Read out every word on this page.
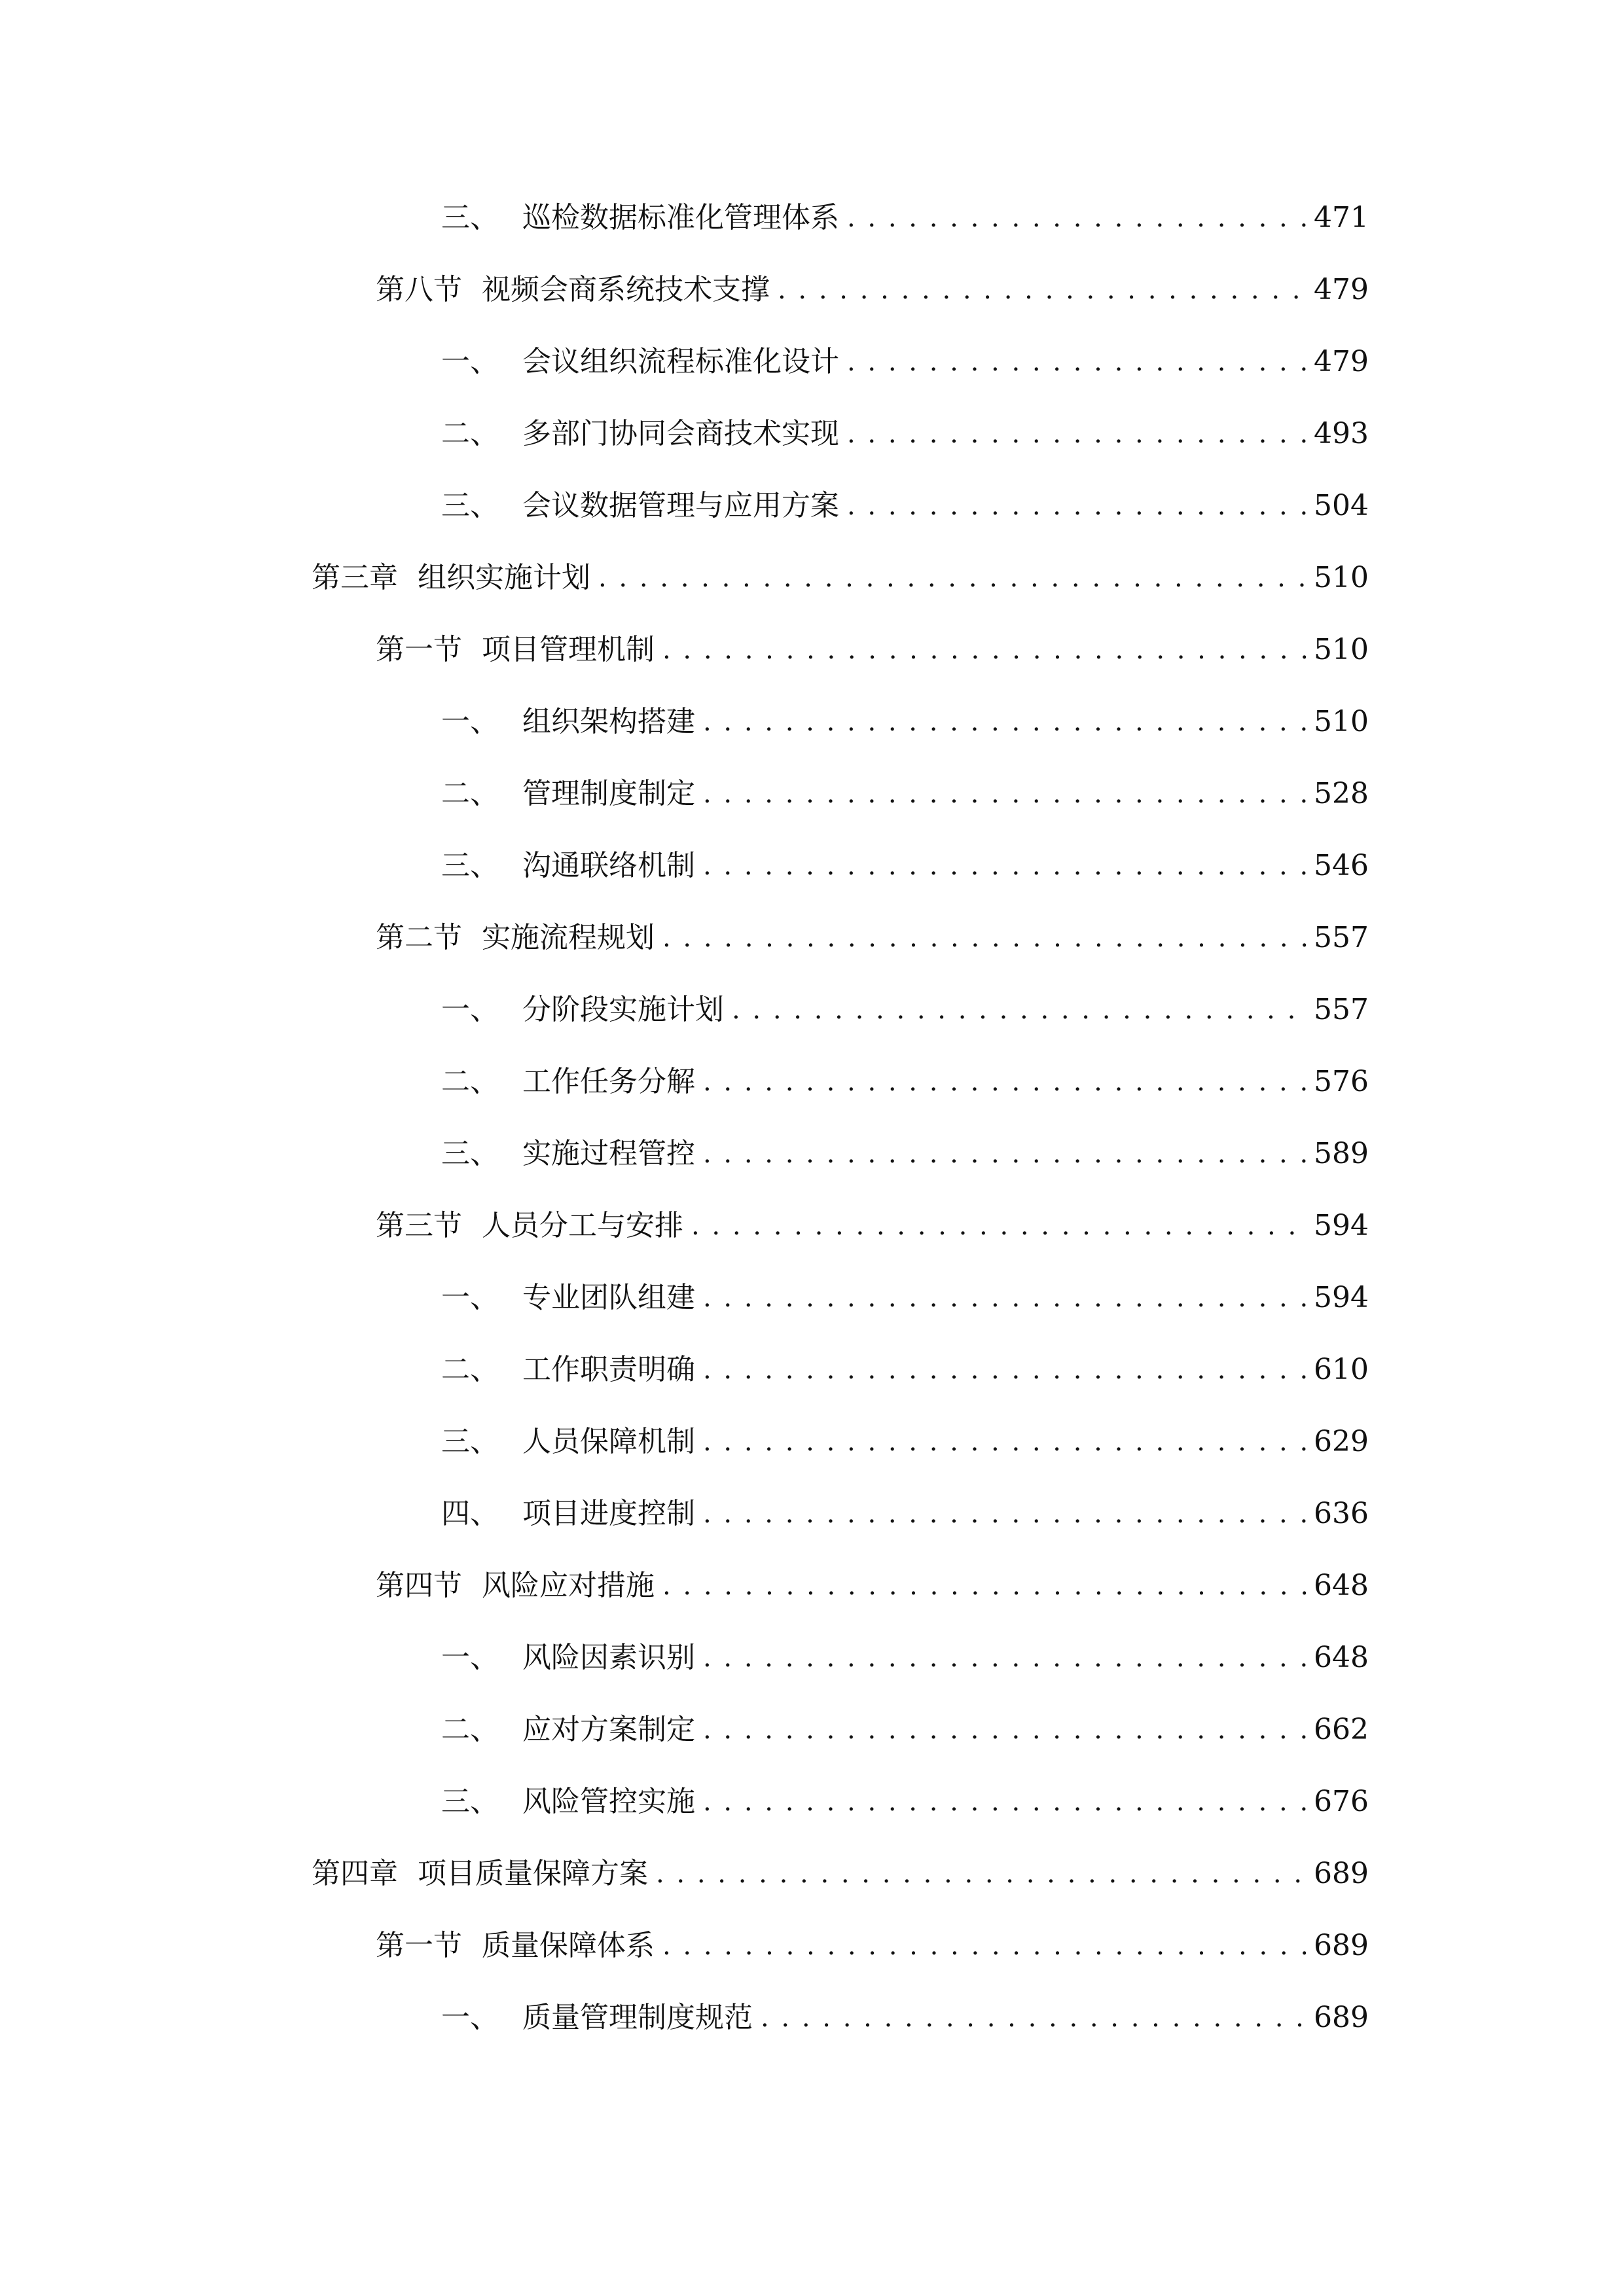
三、 巡检数据标准化管理体系 . . .	471
第八节 视频会商系统技术支撑 . . .	479
一、 会议组织流程标准化设计 . . .	479
二、 多部门协同会商技术实现 . . .	493
三、 会议数据管理与应用方案 . . .	504
第三章 组织实施计划 . . .	510
第一节 项目管理机制 . . .	510
一、 组织架构搭建 . . .	510
二、 管理制度制定 . . .	528
三、 沟通联络机制 . . .	546
第二节 实施流程规划 . . .	557
一、 分阶段实施计划 . . .	557
二、 工作任务分解 . . .	576
三、 实施过程管控 . . .	589
第三节 人员分工与安排 . . .	594
一、 专业团队组建 . . .	594
二、 工作职责明确 . . .	610
三、 人员保障机制 . . .	629
四、 项目进度控制 . . .	636
第四节 风险应对措施 . . .	648
一、 风险因素识别 . . .	648
二、 应对方案制定 . . .	662
三、 风险管控实施 . . .	676
第四章 项目质量保障方案 . . .	689
第一节 质量保障体系 . . .	689
一、 质量管理制度规范 . . .	689
